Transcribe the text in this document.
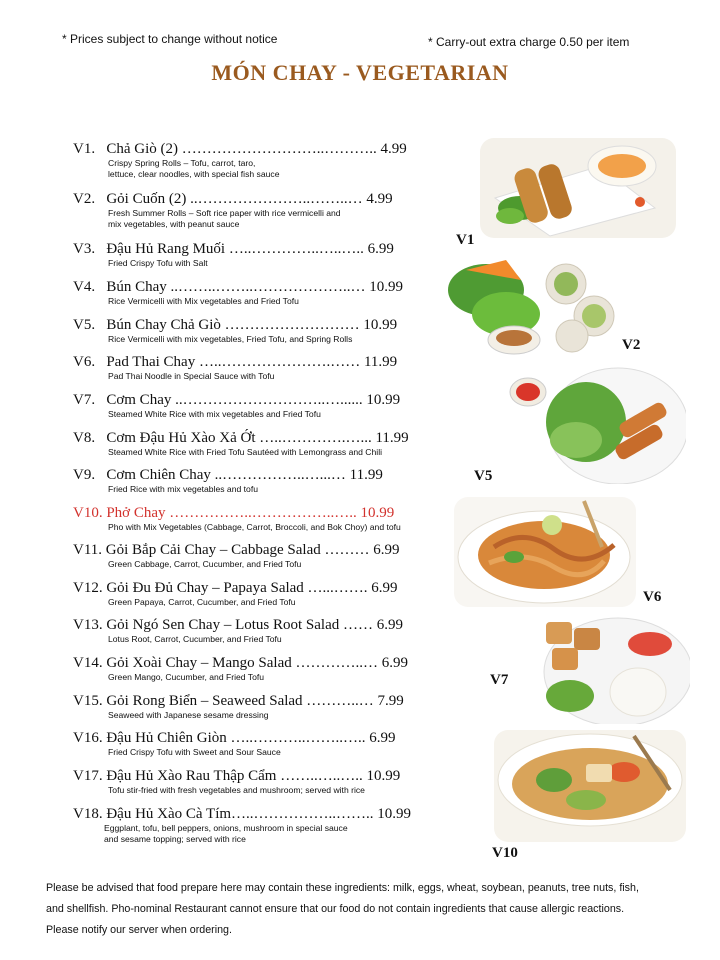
* Prices subject to change without notice	* Carry-out extra charge 0.50 per item
MÓN CHAY - VEGETARIAN
V1.   Chả Giò (2) ………………………..……….. 4.99
Crispy Spring Rolls – Tofu, carrot, taro,
lettuce, clear noodles, with special fish sauce
V2.   Gỏi Cuốn (2) ..…………………..……..… 4.99
Fresh Summer Rolls – Soft rice paper with rice vermicelli and
mix vegetables, with peanut sauce
V3.   Đậu Hủ Rang Muối …..…………..…..….. 6.99
Fried Crispy Tofu with Salt
V4.   Bún Chay ..……..……..………………..… 10.99
Rice Vermicelli with Mix vegetables and Fried Tofu
V5.   Bún Chay Chả Giò ……………………… 10.99
Rice Vermicelli with mix vegetables, Fried Tofu, and Spring Rolls
V6.   Pad Thai Chay …..………………….…… 11.99
Pad Thai Noodle in Special Sauce with Tofu
V7.   Cơm Chay ..………………………..…...... 10.99
Steamed White Rice with mix vegetables and Fried Tofu
V8.   Cơm Đậu Hủ Xào Xả Ớt …..………….…... 11.99
Steamed White Rice with Fried Tofu Sautéed with Lemongrass and Chili
V9.   Cơm Chiên Chay ..……………..…...… 11.99
Fried Rice with mix vegetables and tofu
V10. Phở Chay ……………..……………..….. 10.99
Pho with Mix Vegetables (Cabbage, Carrot, Broccoli, and Bok Choy) and tofu
V11. Gỏi Bắp Cải Chay – Cabbage Salad ……… 6.99
Green Cabbage, Carrot, Cucumber, and Fried Tofu
V12. Gỏi Đu Đủ Chay – Papaya Salad …...……. 6.99
Green Papaya, Carrot, Cucumber, and Fried Tofu
V13. Gỏi Ngó Sen Chay – Lotus Root Salad …… 6.99
Lotus Root, Carrot, Cucumber, and Fried Tofu
V14. Gỏi Xoài Chay – Mango Salad …………..… 6.99
Green Mango, Cucumber, and Fried Tofu
V15. Gỏi Rong Biển – Seaweed Salad ………..… 7.99
Seaweed with Japanese sesame dressing
V16. Đậu Hủ Chiên Giòn …..………..……..….. 6.99
Fried Crispy Tofu with Sweet and Sour Sauce
V17. Đậu Hủ Xào Rau Thập Cẩm ……..…..….. 10.99
Tofu stir-fried with fresh vegetables and mushroom; served with rice
V18. Đậu Hủ Xào Cà Tím…..……………..…….. 10.99
Eggplant, tofu, bell peppers, onions, mushroom in special sauce
and sesame topping; served with rice
V1
V2
V5
V6
V7
V10
Please be advised that food prepare here may contain these ingredients: milk, eggs, wheat, soybean, peanuts, tree nuts, fish,
and shellfish. Pho-nominal Restaurant cannot ensure that our food do not contain ingredients that cause allergic reactions.
Please notify our server when ordering.
